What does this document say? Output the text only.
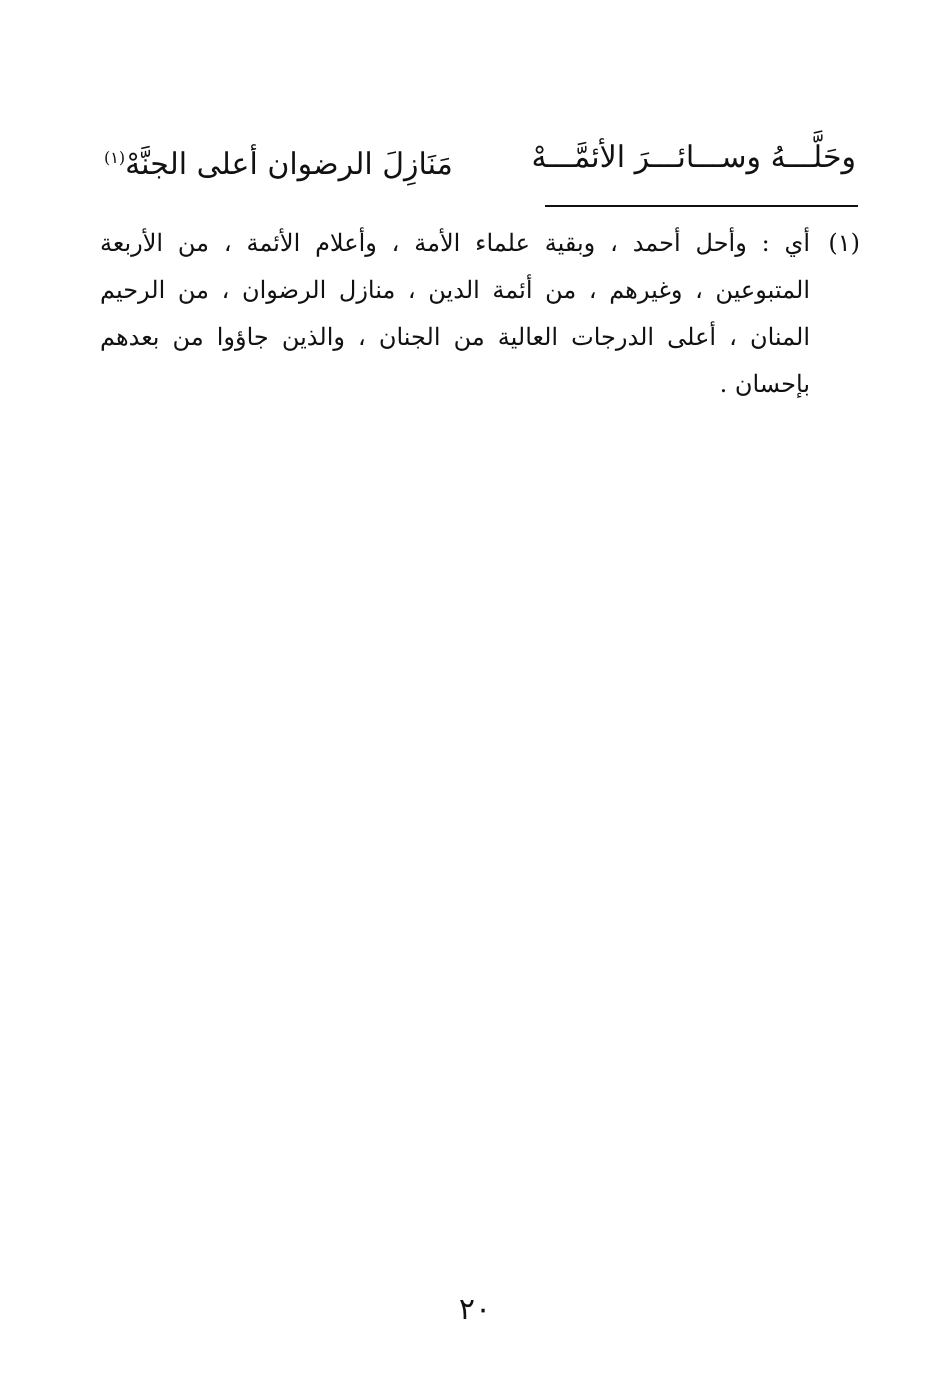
وحَلَّـــهُ وســـائـــرَ الأئمَّـــهْ
مَنَازِلَ الرضوان أعلى الجنَّهْ$^{(١)}$
(١)
أي : وأحل أحمد ، وبقية علماء الأمة ، وأعلام الأئمة ، من الأربعة المتبوعين ، وغيرهم ، من أئمة الدين ، منازل الرضوان ، من الرحيم المنان ، أعلى الدرجات العالية من الجنان ، والذين جاؤوا من بعدهم بإحسان .
٢٠
